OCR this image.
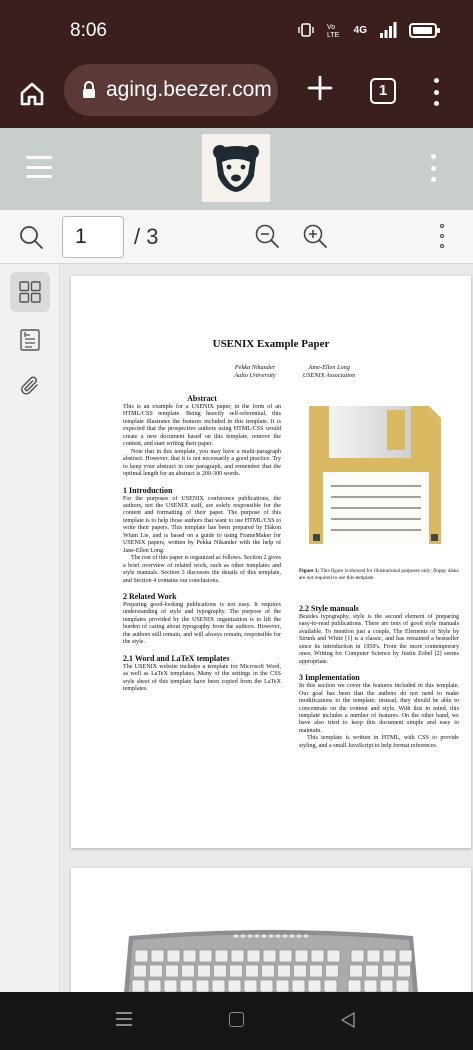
8:06	Vo
LTE 4G
aging.beezer.com	1
1
/ 3
USENIX Example Paper
Pekka Nikander
Aalto University
Jane-Ellen Long
USENIX Association
Abstract

This is an example for a USENIX paper, in the form of an HTML/CSS template. Being heavily self-referential, this template illustrates the features included in this template. It is expected that the prospective authors using HTML/CSS would create a new document based on this template, remove the content, and start writing their paper.

Note that in this template, you may have a multi-paragraph abstract. However, that it is not necessarily a good practice. Try to keep your abstract in one paragraph, and remember that the optimal length for an abstract is 200-300 words.

1 Introduction

For the purposes of USENIX conference publications, the authors, not the USENIX staff, are solely responsible for the content and formatting of their paper. The purpose of this template is to help those authors that want to use HTML/CSS to write their papers. This template has been prepared by Håkon Wium Lie, and is based on a guide to using FrameMaker for USENIX papers, written by Pekka Nikander with the help of Jane-Ellen Long.

The rest of this paper is organized as follows. Section 2 gives a brief overview of related work, such as other templates and style manuals. Section 3 discusses the details of this template, and Section 4 contains our conclusions.

2 Related Work

Preparing good-looking publications is not easy. It requires understanding of style and typography. The purpose of the templates provided by the USENIX organization is to lift the burden of caring about typography from the authors. However, the authors still remain, and will always remain, responsible for the style.

2.1 Word and LaTeX templates

The USENIX website includes a template for Microsoft Word, as well as LaTeX templates. Many of the settings in the CSS style sheet of this template have been copied from the LaTeX templates.

Figure 1: This figure is showed for illustrational purposes only; floppy disks are not required to use this template.
2.2 Style manuals

Besides typography, style is the second element of preparing easy-to-read publications. There are tens of good style manuals available. To mention just a couple, The Elements of Style by Strunk and White [1] is a classic, and has remained a bestseller since its introduction in 1950's. From the more contemporary ones, Writing for Computer Science by Justin Zobel [2] seems appropriate.

3 Implementation

In this section we cover the features included in this template. Our goal has been that the authors do not need to make modifications to the template; instead, they should be able to concentrate on the content and style. With this in mind, this template includes a number of features. On the other hand, we have also tried to keep this document simple and easy to maintain.

This template is written in HTML, with CSS to provide styling, and a small JavaScript to help format references.
